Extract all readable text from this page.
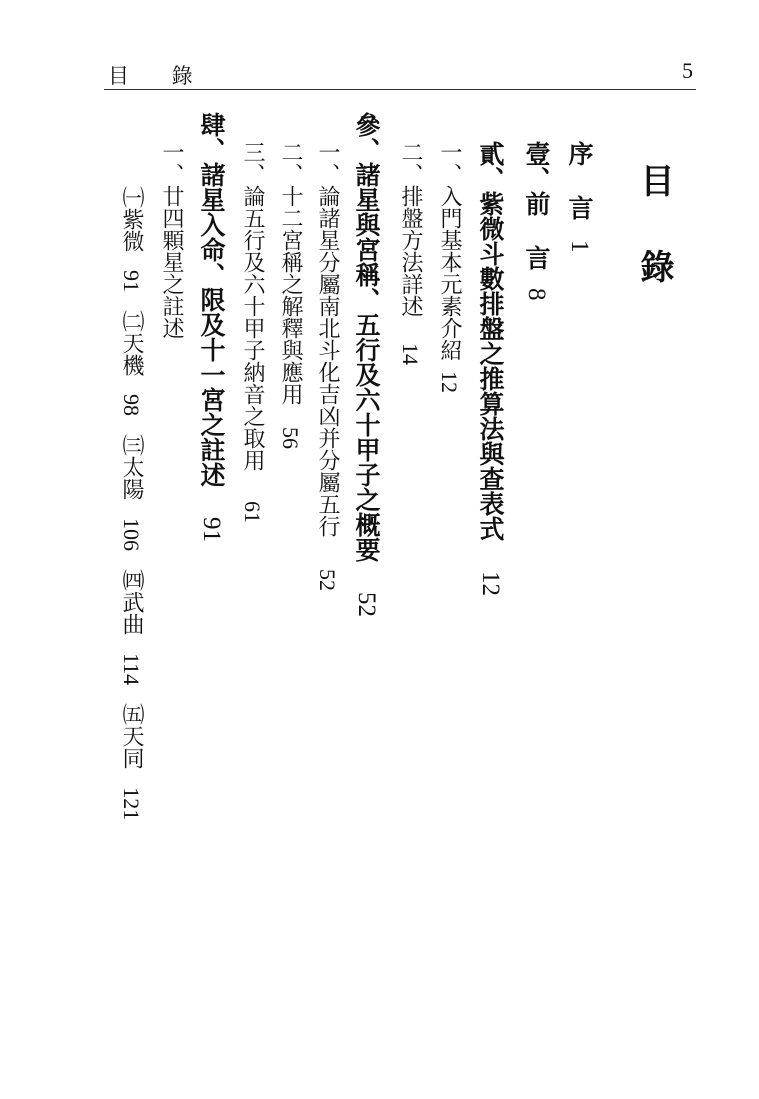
目 錄	5
目 錄
序 言1
壹、前 言8
貳、紫微斗數排盤之推算法與查表式12
一、入門基本元素介紹12
二、排盤方法詳述14
參、諸星與宮稱、五行及六十甲子之概要52
一、論諸星分屬南北斗化吉凶并分屬五行52
二、十二宮稱之解釋與應用56
三、論五行及六十甲子納音之取用61
肆、諸星入命、限及十一宮之註述91
一、廿四顆星之註述
㈠紫微91㈡天機98㈢太陽106㈣武曲114㈤天同121
